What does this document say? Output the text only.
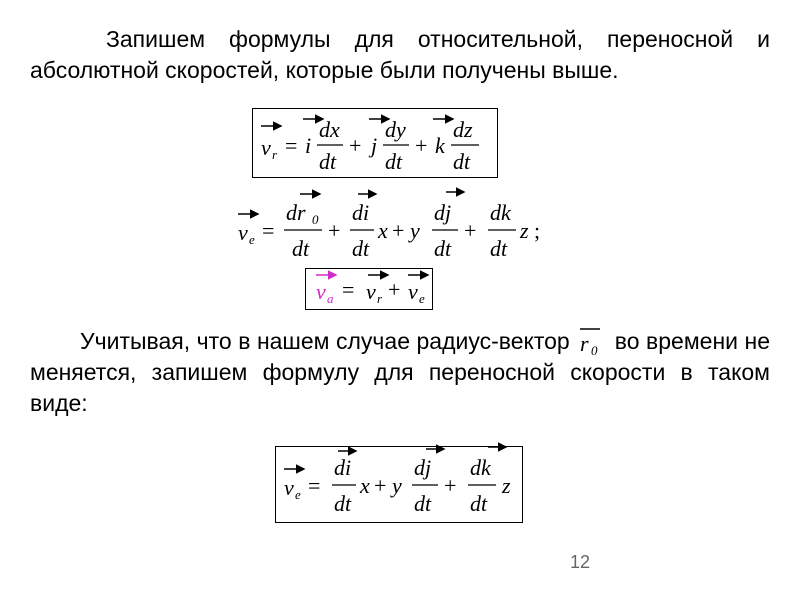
Запишем формулы для относительной, переносной и абсолютной скоростей, которые были получены выше.
v r = i
dx
dt
+ j
dy
dt
+ k
dz
dt
v e =
dr 0
dt
+
di
dt
x + y
dj
dt
+
dk
dt
z ;
v a = v r + v e
Учитывая, что в нашем случае радиус-вектор r 0 во времени не меняется, запишем формулу для переносной скорости в таком виде:
v e =
di
dt
x + y
dj
dt
+
dk
dt
z
12
